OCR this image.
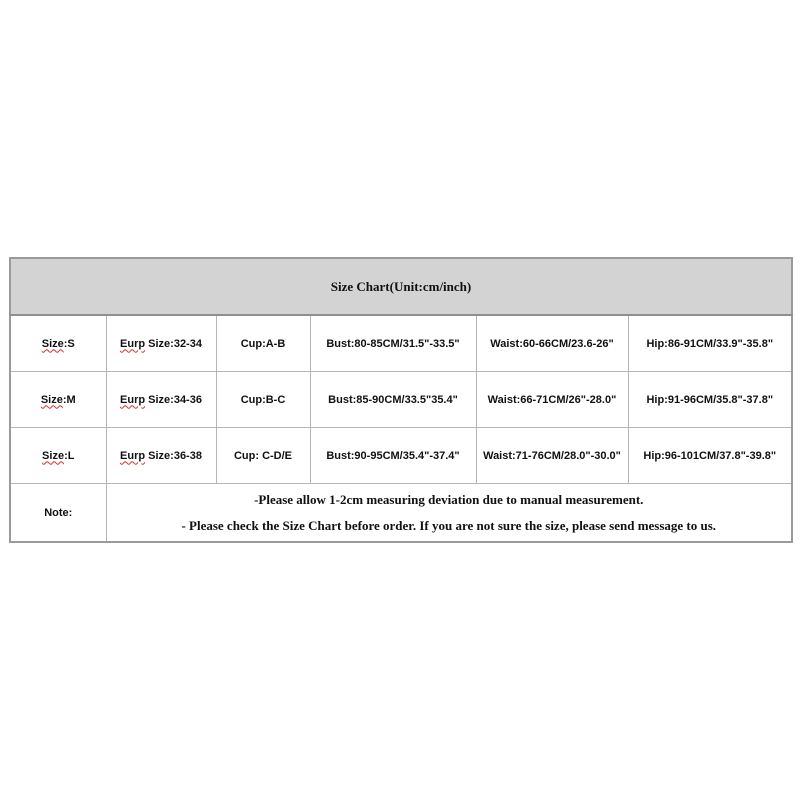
Size Chart(Unit:cm/inch)					
Size:S	Eurp Size:32-34	Cup:A-B	Bust:80-85CM/31.5"-33.5"	Waist:60-66CM/23.6-26"	Hip:86-91CM/33.9"-35.8"
Size:M	Eurp Size:34-36	Cup:B-C	Bust:85-90CM/33.5"35.4"	Waist:66-71CM/26"-28.0"	Hip:91-96CM/35.8"-37.8"
Size:L	Eurp Size:36-38	Cup: C-D/E	Bust:90-95CM/35.4"-37.4"	Waist:71-76CM/28.0"-30.0"	Hip:96-101CM/37.8"-39.8"
Note:	-Please allow 1-2cm measuring deviation due to manual measurement.
- Please check the Size Chart before order. If you are not sure the size, please send message to us.				
